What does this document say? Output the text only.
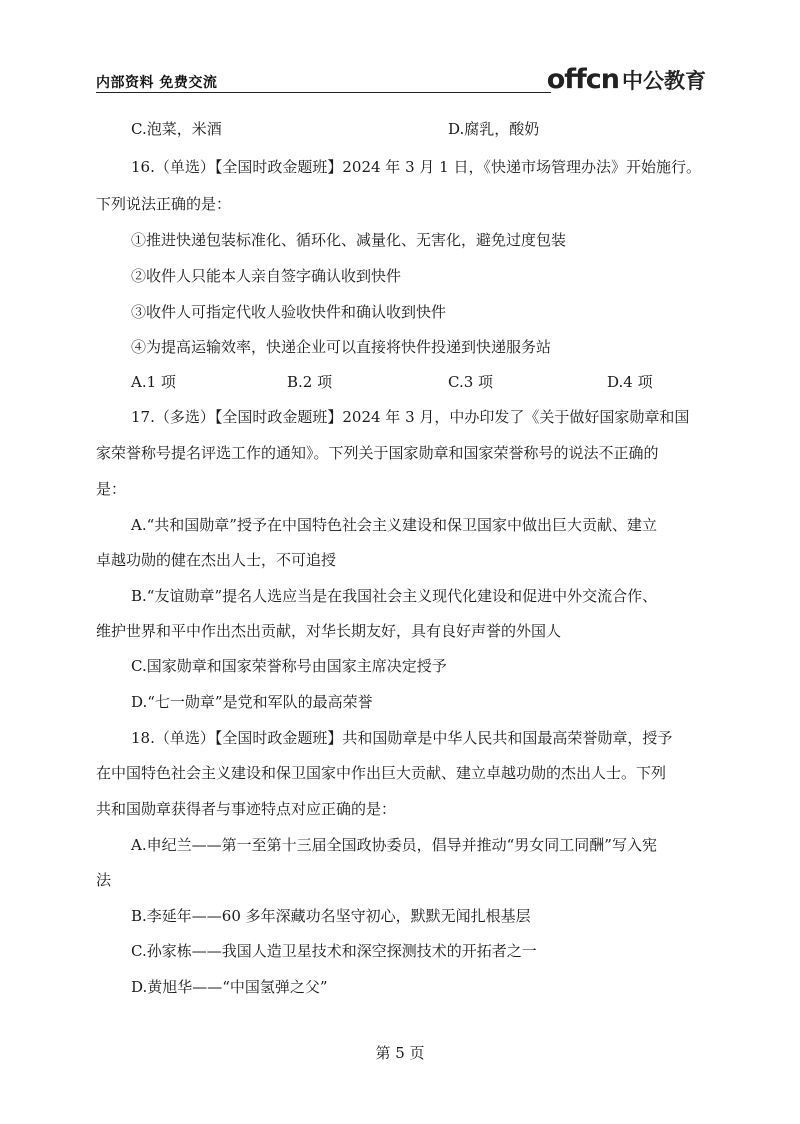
内部资料 免费交流	offcn 中公教育
C.泡菜，米酒	D.腐乳，酸奶
16.（单选）【全国时政金题班】2024 年 3 月 1 日，《快递市场管理办法》开始施行。
下列说法正确的是：
①推进快递包装标准化、循环化、减量化、无害化，避免过度包装
②收件人只能本人亲自签字确认收到快件
③收件人可指定代收人验收快件和确认收到快件
④为提高运输效率，快递企业可以直接将快件投递到快递服务站
A.1 项	B.2 项	C.3 项	D.4 项
17.（多选）【全国时政金题班】2024 年 3 月，中办印发了《关于做好国家勋章和国
家荣誉称号提名评选工作的通知》。下列关于国家勋章和国家荣誉称号的说法不正确的
是：
A.“共和国勋章”授予在中国特色社会主义建设和保卫国家中做出巨大贡献、建立
卓越功勋的健在杰出人士，不可追授
B.“友谊勋章”提名人选应当是在我国社会主义现代化建设和促进中外交流合作、
维护世界和平中作出杰出贡献，对华长期友好，具有良好声誉的外国人
C.国家勋章和国家荣誉称号由国家主席决定授予
D.“七一勋章”是党和军队的最高荣誉
18.（单选）【全国时政金题班】共和国勋章是中华人民共和国最高荣誉勋章，授予
在中国特色社会主义建设和保卫国家中作出巨大贡献、建立卓越功勋的杰出人士。下列
共和国勋章获得者与事迹特点对应正确的是：
A.申纪兰——第一至第十三届全国政协委员，倡导并推动“男女同工同酬”写入宪
法
B.李延年——60 多年深藏功名坚守初心，默默无闻扎根基层
C.孙家栋——我国人造卫星技术和深空探测技术的开拓者之一
D.黄旭华——“中国氢弹之父”
第 5 页
